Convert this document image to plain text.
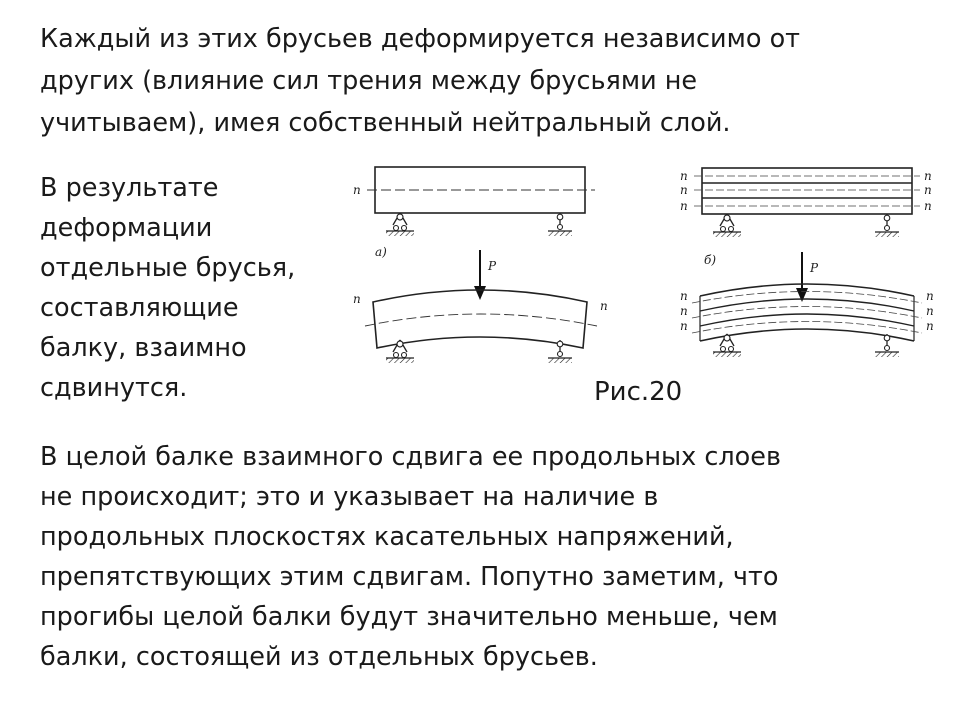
Каждый из этих брусьев деформируется независимо от
других (влияние сил трения между брусьями не
учитываем), имея собственный нейтральный слой.
В результате
деформации
отдельные брусья,
составляющие
балку, взаимно
сдвинутся.
В целой балке взаимного сдвига ее продольных слоев
не происходит; это и указывает на наличие в
продольных плоскостях касательных напряжений,
препятствующих этим сдвигам. Попутно заметим, что
прогибы целой балки будут значительно меньше, чем
балки, состоящей из отдельных брусьев.
n
а)
P
n	n
n
n
n
n
n
n
б)
P
n
n
n
n
n
n
Рис.20
